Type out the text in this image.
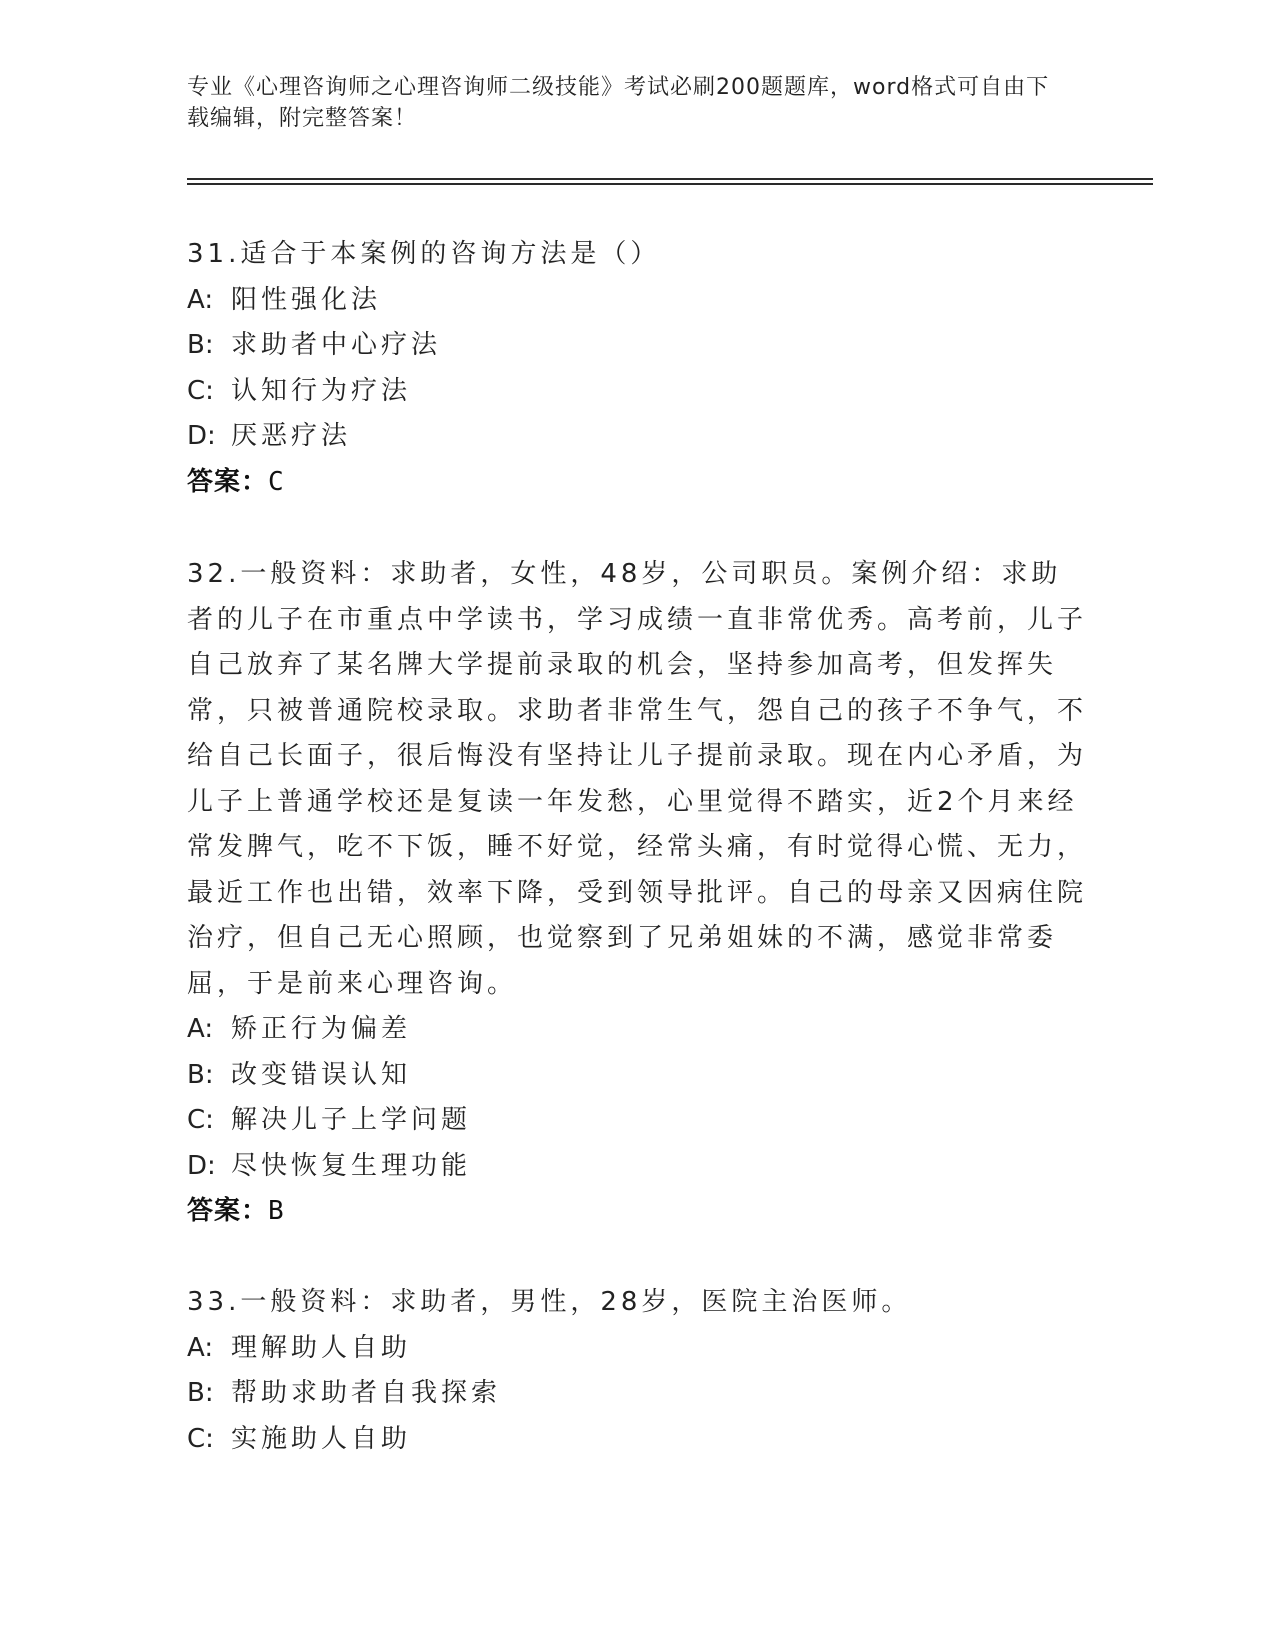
专业《心理咨询师之心理咨询师二级技能》考试必刷200题题库，word格式可自由下载编辑，附完整答案！

31.适合于本案例的咨询方法是（）

A: 阳性强化法
B: 求助者中心疗法
C: 认知行为疗法
D: 厌恶疗法

答案：C

32.一般资料：求助者，女性，48岁，公司职员。案例介绍：求助者的儿子在市重点中学读书，学习成绩一直非常优秀。高考前，儿子自己放弃了某名牌大学提前录取的机会，坚持参加高考，但发挥失常，只被普通院校录取。求助者非常生气，怨自己的孩子不争气，不给自己长面子，很后悔没有坚持让儿子提前录取。现在内心矛盾，为儿子上普通学校还是复读一年发愁，心里觉得不踏实，近2个月来经常发脾气，吃不下饭，睡不好觉，经常头痛，有时觉得心慌、无力，最近工作也出错，效率下降，受到领导批评。自己的母亲又因病住院治疗，但自己无心照顾，也觉察到了兄弟姐妹的不满，感觉非常委屈，于是前来心理咨询。

A: 矫正行为偏差
B: 改变错误认知
C: 解决儿子上学问题
D: 尽快恢复生理功能

答案：B

33.一般资料：求助者，男性，28岁，医院主治医师。

A: 理解助人自助
B: 帮助求助者自我探索
C: 实施助人自助
